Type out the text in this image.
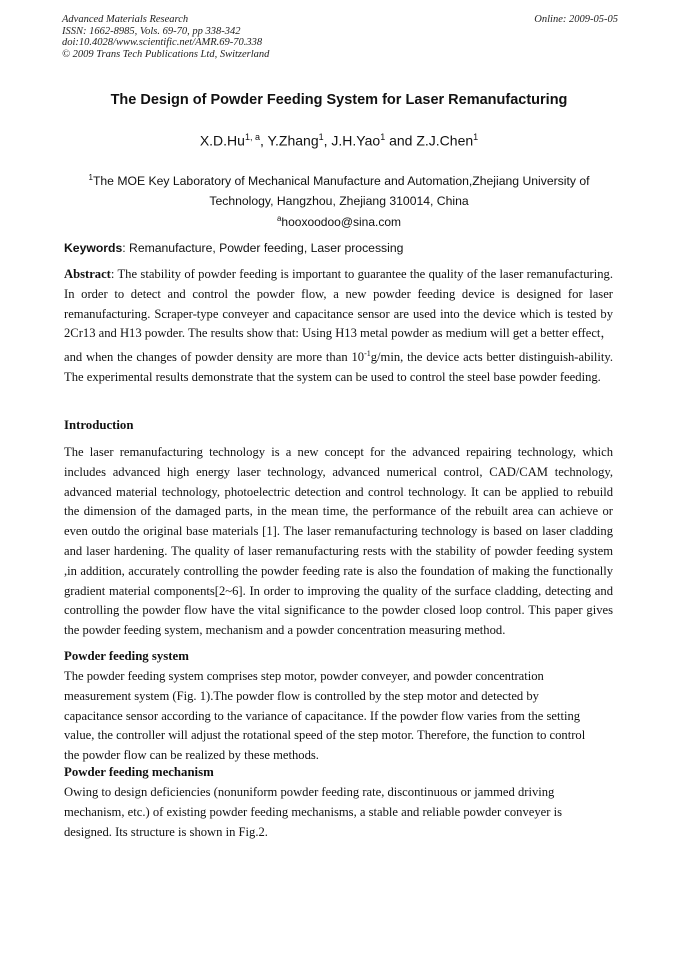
Advanced Materials Research	Online: 2009-05-05
ISSN: 1662-8985, Vols. 69-70, pp 338-342
doi:10.4028/www.scientific.net/AMR.69-70.338
© 2009 Trans Tech Publications Ltd, Switzerland
The Design of Powder Feeding System for Laser Remanufacturing
X.D.Hu$^{1, a}$, Y.Zhang$^1$, J.H.Yao$^1$ and Z.J.Chen$^1$
$^1$The MOE Key Laboratory of Mechanical Manufacture and Automation,Zhejiang University of Technology, Hangzhou, Zhejiang 310014, China
$^a$hooxoodoo@sina.com
Keywords: Remanufacture, Powder feeding, Laser processing

Abstract: The stability of powder feeding is important to guarantee the quality of the laser remanufacturing. In order to detect and control the powder flow, a new powder feeding device is designed for laser remanufacturing. Scraper-type conveyer and capacitance sensor are used into the device which is tested by 2Cr13 and H13 powder. The results show that: Using H13 metal powder as medium will get a better effect，and when the changes of powder density are more than $10^{-1}g/\min$, the device acts better distinguish-ability. The experimental results demonstrate that the system can be used to control the steel base powder feeding.

Introduction

The laser remanufacturing technology is a new concept for the advanced repairing technology, which includes advanced high energy laser technology, advanced numerical control, CAD/CAM technology, advanced material technology, photoelectric detection and control technology. It can be applied to rebuild the dimension of the damaged parts, in the mean time, the performance of the rebuilt area can achieve or even outdo the original base materials [1]. The laser remanufacturing technology is based on laser cladding and laser hardening. The quality of laser remanufacturing rests with the stability of powder feeding system ,in addition, accurately controlling the powder feeding rate is also the foundation of making the functionally gradient material components[2~6]. In order to improving the quality of the surface cladding, detecting and controlling the powder flow have the vital significance to the powder closed loop control. This paper gives the powder feeding system, mechanism and a powder concentration measuring method.

Powder feeding system

The powder feeding system comprises step motor, powder conveyer, and powder concentration measurement system (Fig. 1).The powder flow is controlled by the step motor and detected by capacitance sensor according to the variance of capacitance. If the powder flow varies from the setting value, the controller will adjust the rotational speed of the step motor. Therefore, the function to control the powder flow can be realized by these methods.

Powder feeding mechanism

Owing to design deficiencies (nonuniform powder feeding rate, discontinuous or jammed driving mechanism, etc.) of existing powder feeding mechanisms, a stable and reliable powder conveyer is designed. Its structure is shown in Fig.2.
